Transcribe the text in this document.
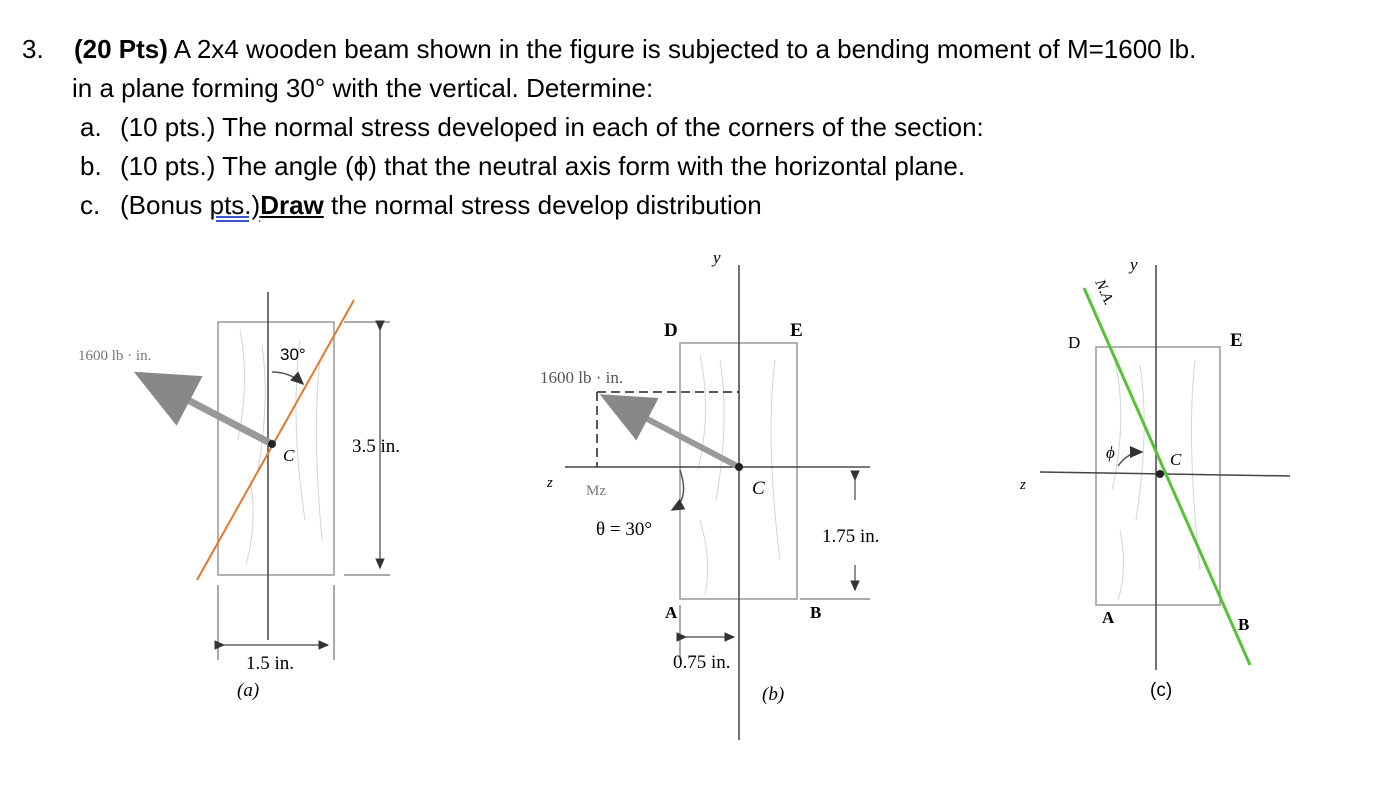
3. (20 Pts) A 2x4 wooden beam shown in the figure is subjected to a bending moment of M=1600 lb.
in a plane forming 30° with the vertical. Determine:
a. (10 pts.) The normal stress developed in each of the corners of the section:
b. (10 pts.) The angle (ϕ) that the neutral axis form with the horizontal plane.
c. (Bonus pts.)Draw the normal stress develop distribution
1600 lb · in.	30°
C	3.5 in.
1.5 in.
(a)
y
z
D	E
A	B
1600 lb · in.
Mz
θ = 30°
C
1.75 in.
0.75 in.
(b)
y
z
N.A.
D	E
A	B
ϕ	C
(c)
